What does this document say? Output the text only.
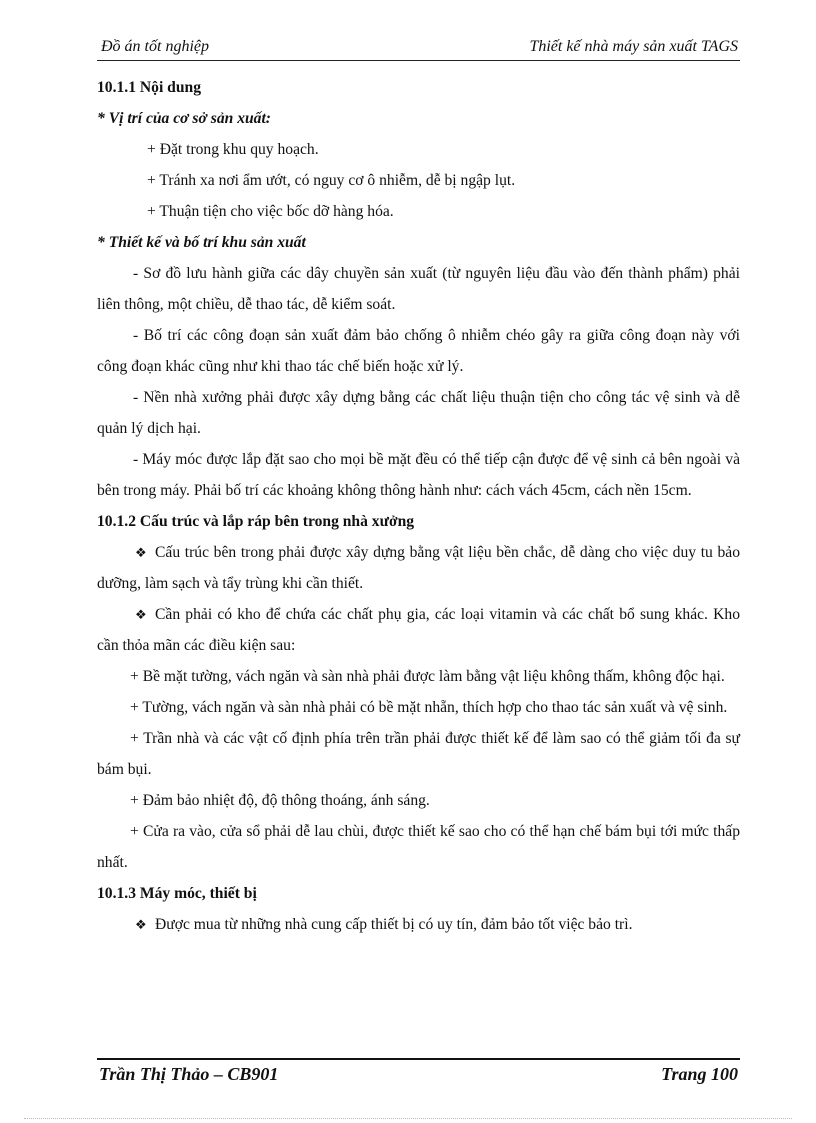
Đồ án tốt nghiệp	Thiết kế nhà máy sản xuất TAGS

10.1.1 Nội dung

* Vị trí của cơ sở sản xuất:

+ Đặt trong khu quy hoạch.

+ Tránh xa nơi ẩm ướt, có nguy cơ ô nhiễm, dễ bị ngập lụt.

+ Thuận tiện cho việc bốc dỡ hàng hóa.

* Thiết kế và bố trí khu sản xuất

- Sơ đồ lưu hành giữa các dây chuyền sản xuất (từ nguyên liệu đầu vào đến thành phẩm) phải liên thông, một chiều, dễ thao tác, dễ kiểm soát.

- Bố trí các công đoạn sản xuất đảm bảo chống ô nhiễm chéo gây ra giữa công đoạn này với công đoạn khác cũng như khi thao tác chế biến hoặc xử lý.

- Nền nhà xưởng phải được xây dựng bằng các chất liệu thuận tiện cho công tác vệ sinh và dễ quản lý dịch hại.

- Máy móc được lắp đặt sao cho mọi bề mặt đều có thể tiếp cận được để vệ sinh cả bên ngoài và bên trong máy. Phải bố trí các khoảng không thông hành như: cách vách 45cm, cách nền 15cm.

10.1.2 Cấu trúc và lắp ráp bên trong nhà xưởng

❖ Cấu trúc bên trong phải được xây dựng bằng vật liệu bền chắc, dễ dàng cho việc duy tu bảo dưỡng, làm sạch và tẩy trùng khi cần thiết.

❖ Cần phải có kho để chứa các chất phụ gia, các loại vitamin và các chất bổ sung khác. Kho cần thỏa mãn các điều kiện sau:

+ Bề mặt tường, vách ngăn và sàn nhà phải được làm bằng vật liệu không thấm, không độc hại.

+ Tường, vách ngăn và sàn nhà phải có bề mặt nhẵn, thích hợp cho thao tác sản xuất và vệ sinh.

+ Trần nhà và các vật cố định phía trên trần phải được thiết kế để làm sao có thể giảm tối đa sự bám bụi.

+ Đảm bảo nhiệt độ, độ thông thoáng, ánh sáng.

+ Cửa ra vào, cửa sổ phải dễ lau chùi, được thiết kế sao cho có thể hạn chế bám bụi tới mức thấp nhất.

10.1.3 Máy móc, thiết bị

❖ Được mua từ những nhà cung cấp thiết bị có uy tín, đảm bảo tốt việc bảo trì.

Trần Thị Thảo – CB901	Trang 100
